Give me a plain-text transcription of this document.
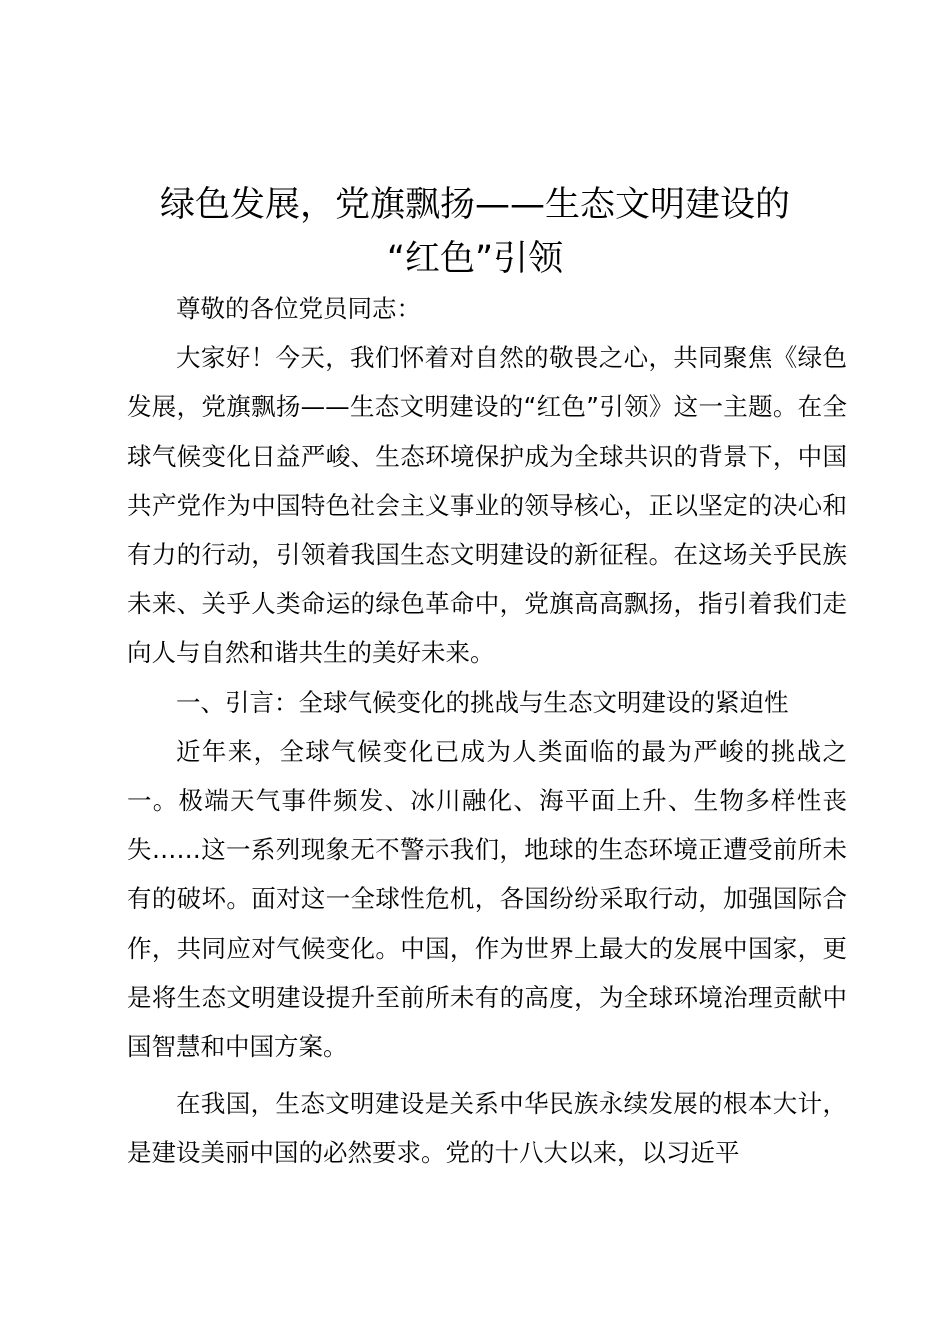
绿色发展，党旗飘扬——生态文明建设的
“红色”引领

尊敬的各位党员同志：

大家好！今天，我们怀着对自然的敬畏之心，共同聚焦《绿色发展，党旗飘扬——生态文明建设的“红色”引领》这一主题。在全球气候变化日益严峻、生态环境保护成为全球共识的背景下，中国共产党作为中国特色社会主义事业的领导核心，正以坚定的决心和有力的行动，引领着我国生态文明建设的新征程。在这场关乎民族未来、关乎人类命运的绿色革命中，党旗高高飘扬，指引着我们走向人与自然和谐共生的美好未来。

一、引言：全球气候变化的挑战与生态文明建设的紧迫性

近年来，全球气候变化已成为人类面临的最为严峻的挑战之一。极端天气事件频发、冰川融化、海平面上升、生物多样性丧失……这一系列现象无不警示我们，地球的生态环境正遭受前所未有的破坏。面对这一全球性危机，各国纷纷采取行动，加强国际合作，共同应对气候变化。中国，作为世界上最大的发展中国家，更是将生态文明建设提升至前所未有的高度，为全球环境治理贡献中国智慧和中国方案。

在我国，生态文明建设是关系中华民族永续发展的根本大计，是建设美丽中国的必然要求。党的十八大以来，以习近平
